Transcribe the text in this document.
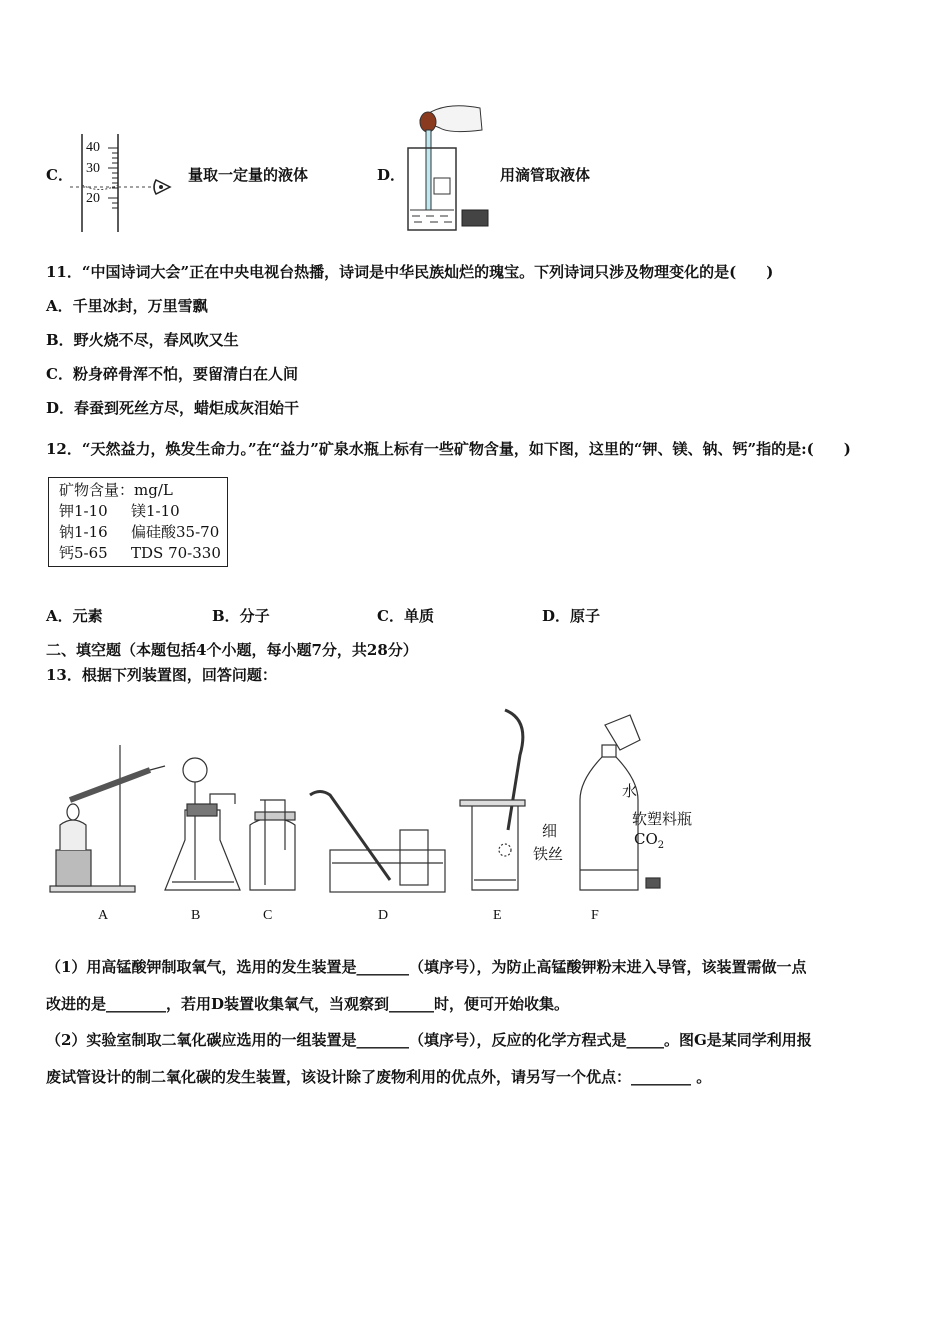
C．
40
30
20
量取一定量的液体	D．	用滴管取液体
11．“中国诗词大会”正在中央电视台热播，诗词是中华民族灿烂的瑰宝。下列诗词只涉及物理变化的是(　　)
A．千里冰封，万里雪飘
B．野火烧不尽，春风吹又生
C．粉身碎骨浑不怕，要留清白在人间
D．春蚕到死丝方尽，蜡炬成灰泪始干
12．“天然益力，焕发生命力。”在“益力”矿泉水瓶上标有一些矿物含量，如下图，这里的“钾、镁、钠、钙”指的是:(　　)
矿物含量：mg/L
钾1-10 镁1-10
钠1-16 偏硅酸35-70
钙5-65 TDS 70-330
A．元素	B．分子	C．单质	D．原子
二、填空题（本题包括4个小题，每小题7分，共28分）
13．根据下列装置图，回答问题：
A	B	C	D	E	F
细
铁丝
水
软塑料瓶
$CO_2$
（1）用高锰酸钾制取氧气，选用的发生装置是_______（填序号），为防止高锰酸钾粉末进入导管，该装置需做一点
改进的是________，若用D装置收集氧气，当观察到______时，便可开始收集。
（2）实验室制取二氧化碳应选用的一组装置是_______（填序号），反应的化学方程式是_____。图G是某同学利用报
废试管设计的制二氧化碳的发生装置，该设计除了废物利用的优点外，请另写一个优点：________ 。
